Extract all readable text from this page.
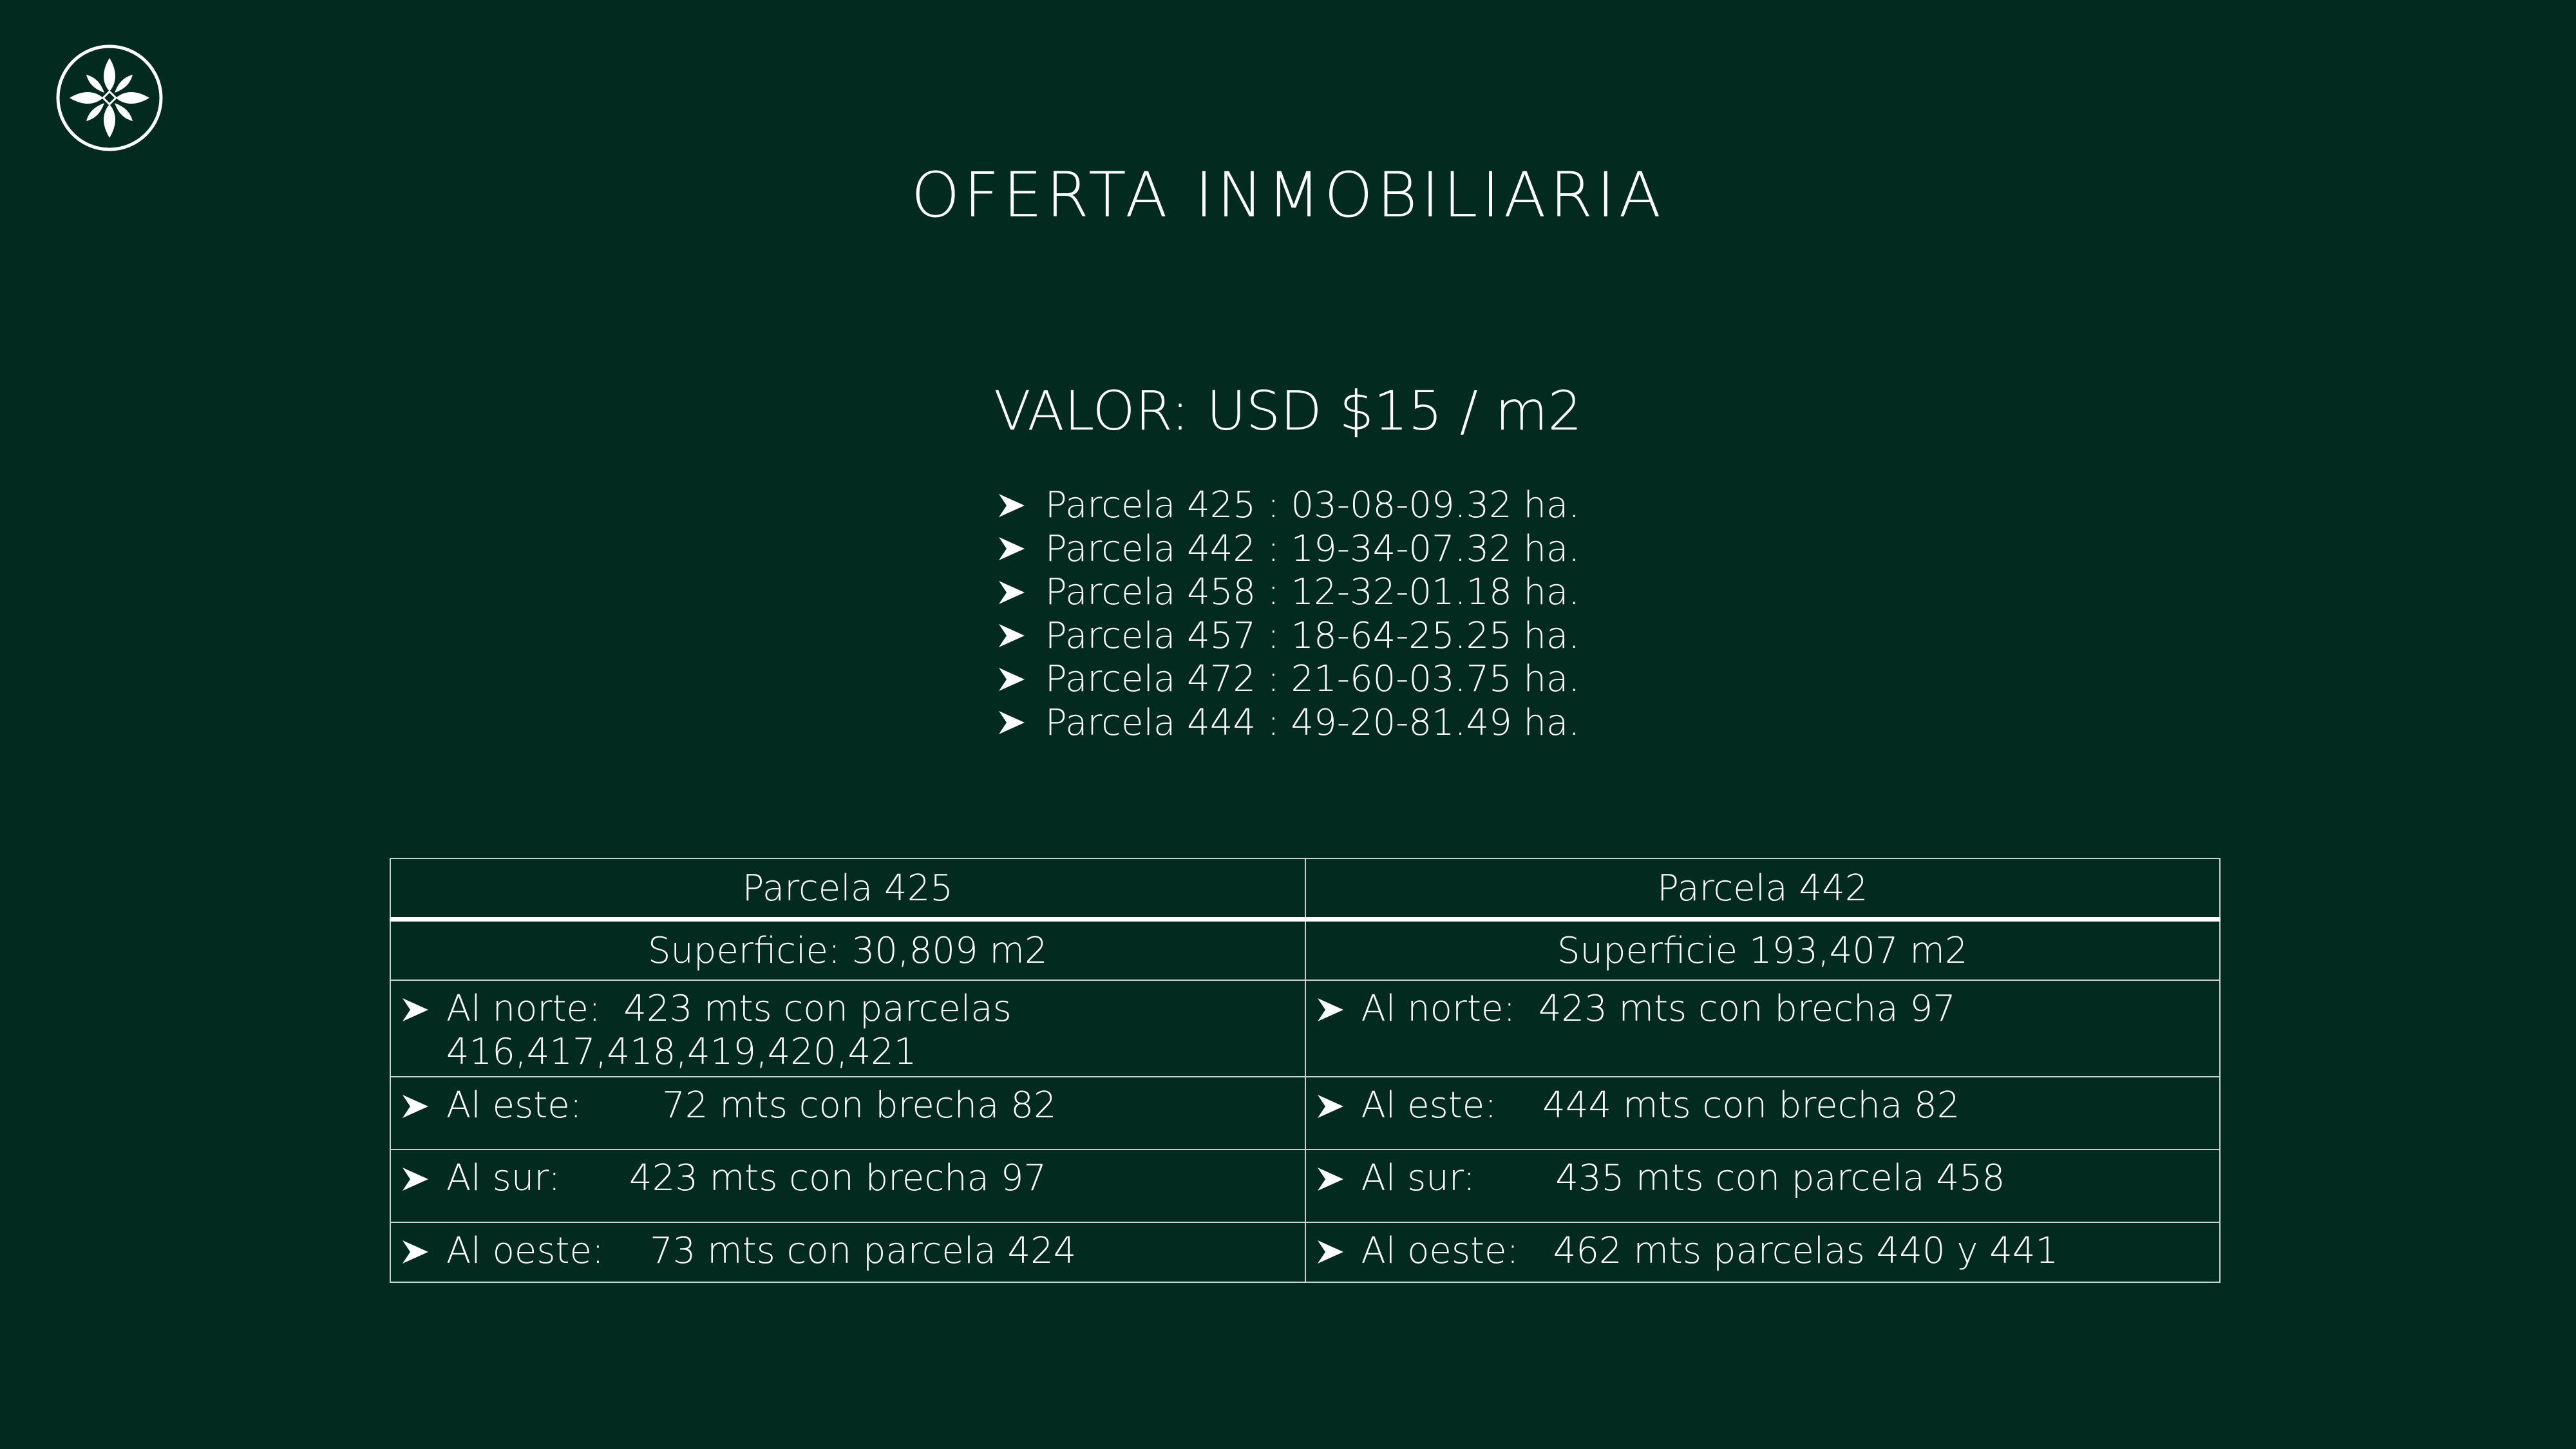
OFERTA INMOBILIARIA
VALOR: USD $15 / m2
Parcela 425 : 03-08-09.32 ha.
Parcela 442 : 19-34-07.32 ha.
Parcela 458 : 12-32-01.18 ha.
Parcela 457 : 18-64-25.25 ha.
Parcela 472 : 21-60-03.75 ha.
Parcela 444 : 49-20-81.49 ha.
Parcela 425	Parcela 442
Superficie: 30,809 m2	Superficie 193,407 m2

Al norte:  423 mts con parcelas
416,417,418,419,420,421	Al norte:  423 mts con brecha 97

Al este:       72 mts con brecha 82	Al este:    444 mts con brecha 82

Al sur:      423 mts con brecha 97	Al sur:       435 mts con parcela 458

Al oeste:    73 mts con parcela 424	Al oeste:   462 mts parcelas 440 y 441
